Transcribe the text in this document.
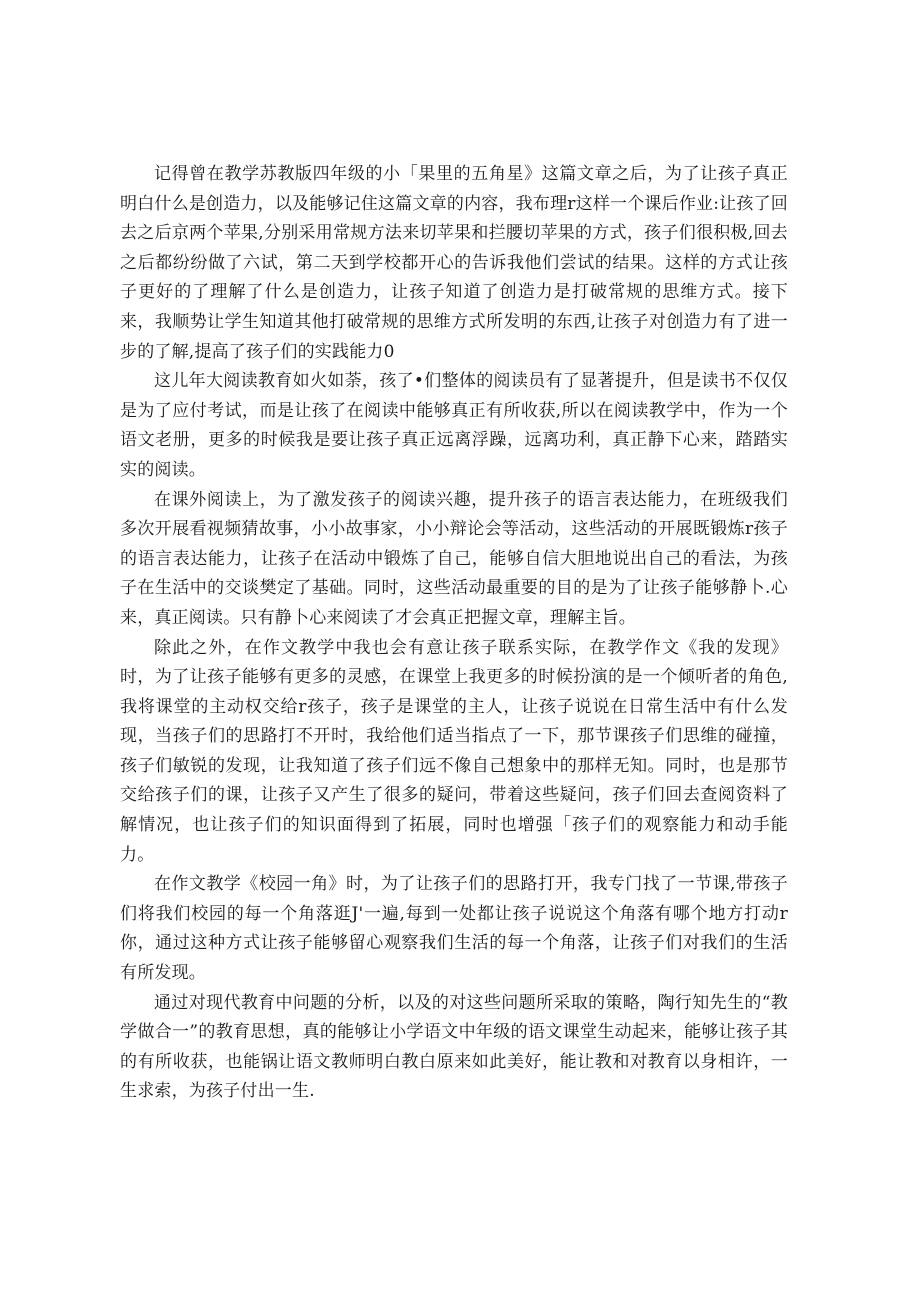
记得曾在教学苏教版四年级的小「果里的五角星》这篇文章之后，为了让孩子真正明白什么是创造力，以及能够记住这篇文章的内容，我布理r这样一个课后作业:让孩了回去之后京两个苹果,分别采用常规方法来切苹果和拦腰切苹果的方式，孩子们很积极,回去之后都纷纷做了六试，第二天到学校都开心的告诉我他们尝试的结果。这样的方式让孩子更好的了理解了什么是创造力，让孩子知道了创造力是打破常规的思维方式。接下来，我顺势让学生知道其他打破常规的思维方式所发明的东西,让孩子对创造力有了进一步的了解,提高了孩子们的实践能力0

这儿年大阅读教育如火如荼，孩了•们整体的阅读员有了显著提升，但是读书不仅仅是为了应付考试，而是让孩了在阅读中能够真正有所收获,所以在阅读教学中，作为一个语文老册，更多的时候我是要让孩子真正远离浮躁，远离功利，真正静下心来，踏踏实实的阅读。

在课外阅读上，为了激发孩子的阅读兴趣，提升孩子的语言表达能力，在班级我们多次开展看视频猜故事，小小故事家，小小辩论会等活动，这些活动的开展既锻炼r孩子的语言表达能力，让孩子在活动中锻炼了自己，能够自信大胆地说出自己的看法，为孩子在生活中的交谈樊定了基础。同时，这些活动最重要的目的是为了让孩子能够静卜.心来，真正阅读。只有静卜心来阅读了才会真正把握文章，理解主旨。

除此之外，在作文教学中我也会有意让孩子联系实际，在教学作文《我的发现》时，为了让孩子能够有更多的灵感，在课堂上我更多的时候扮演的是一个倾听者的角色,我将课堂的主动权交给r孩子，孩子是课堂的主人，让孩子说说在日常生活中有什么发现，当孩子们的思路打不开时，我给他们适当指点了一下，那节课孩子们思维的碰撞，孩子们敏锐的发现，让我知道了孩子们远不像自己想象中的那样无知。同时，也是那节交给孩子们的课，让孩子又产生了很多的疑问，带着这些疑问，孩子们回去查阅资料了解情况，也让孩子们的知识面得到了拓展，同时也增强「孩子们的观察能力和动手能力。

在作文教学《校园一角》时，为了让孩子们的思路打开，我专门找了一节课,带孩子们将我们校园的每一个角落逛J'一遍,每到一处都让孩子说说这个角落有哪个地方打动r你，通过这种方式让孩子能够留心观察我们生活的每一个角落，让孩子们对我们的生活有所发现。

通过对现代教育中问题的分析，以及的对这些问题所采取的策略，陶行知先生的“教学做合一”的教育思想，真的能够让小学语文中年级的语文课堂生动起来，能够让孩子其的有所收获，也能锅让语文教师明白教白原来如此美好，能让教和对教育以身相许，一生求索，为孩子付出一生.
